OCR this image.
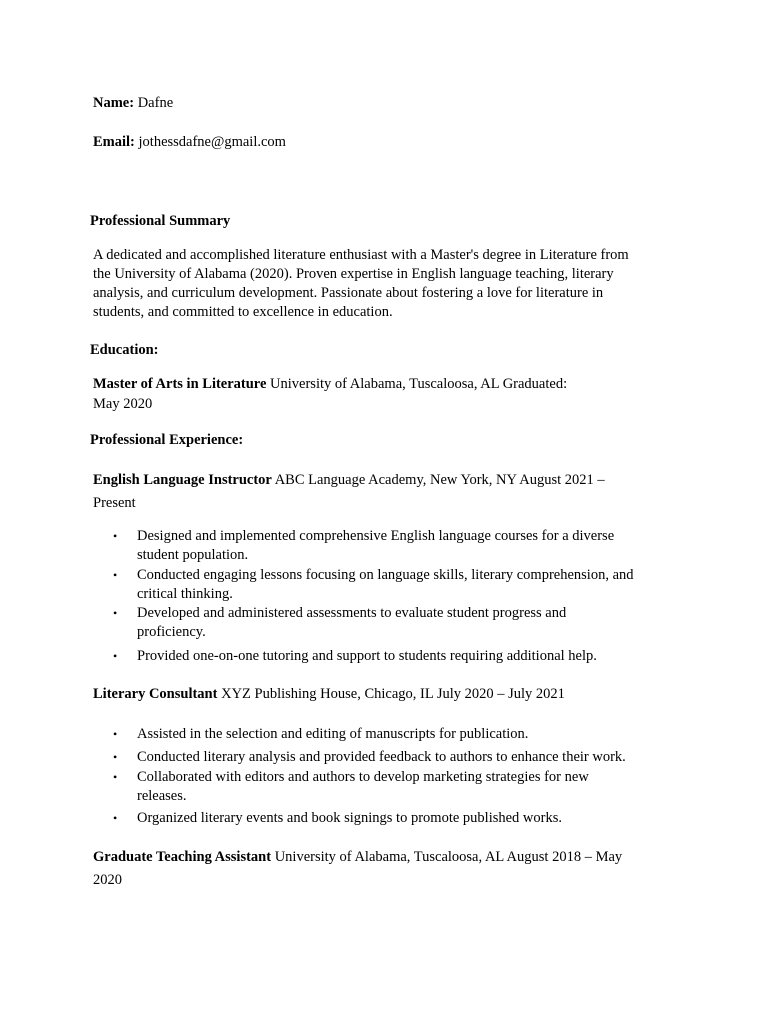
Name: Dafne
Email: jothessdafne@gmail.com
Professional Summary
A dedicated and accomplished literature enthusiast with a Master's degree in Literature from
the University of Alabama (2020). Proven expertise in English language teaching, literary
analysis, and curriculum development. Passionate about fostering a love for literature in
students, and committed to excellence in education.
Education:
Master of Arts in Literature University of Alabama, Tuscaloosa, AL Graduated:
May 2020
Professional Experience:
English Language Instructor ABC Language Academy, New York, NY August 2021 –
Present
• Designed and implemented comprehensive English language courses for a diverse
student population.
• Conducted engaging lessons focusing on language skills, literary comprehension, and
critical thinking.
• Developed and administered assessments to evaluate student progress and
proficiency.
• Provided one-on-one tutoring and support to students requiring additional help.
Literary Consultant XYZ Publishing House, Chicago, IL July 2020 – July 2021
• Assisted in the selection and editing of manuscripts for publication.
• Conducted literary analysis and provided feedback to authors to enhance their work.
• Collaborated with editors and authors to develop marketing strategies for new
releases.
• Organized literary events and book signings to promote published works.
Graduate Teaching Assistant University of Alabama, Tuscaloosa, AL August 2018 – May
2020
